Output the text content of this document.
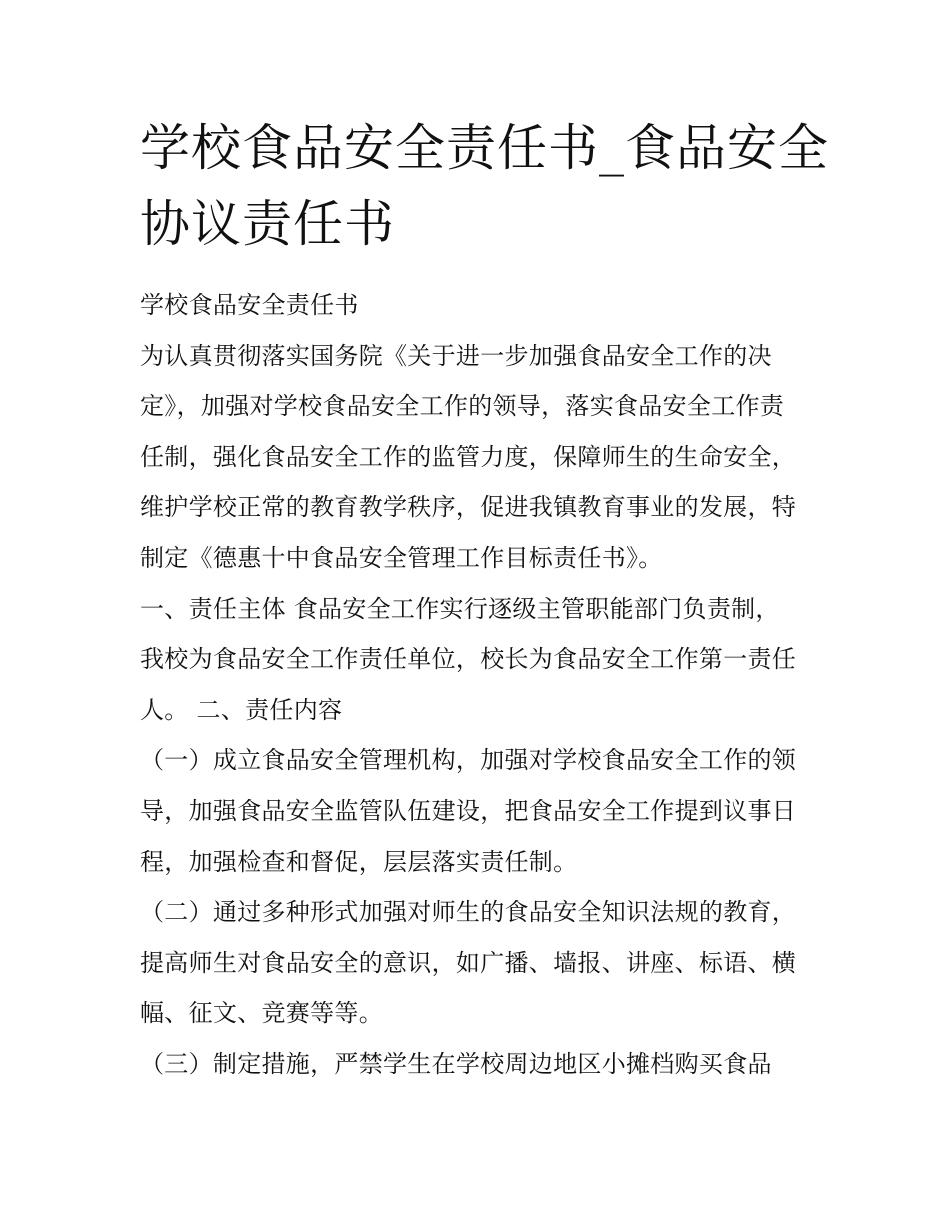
学校食品安全责任书_食品安全协议责任书
学校食品安全责任书
为认真贯彻落实国务院《关于进一步加强食品安全工作的决
定》，加强对学校食品安全工作的领导，落实食品安全工作责
任制，强化食品安全工作的监管力度，保障师生的生命安全，
维护学校正常的教育教学秩序，促进我镇教育事业的发展，特
制定《德惠十中食品安全管理工作目标责任书》。
一、责任主体 食品安全工作实行逐级主管职能部门负责制，
我校为食品安全工作责任单位，校长为食品安全工作第一责任
人。 二、责任内容
（一）成立食品安全管理机构，加强对学校食品安全工作的领
导，加强食品安全监管队伍建设，把食品安全工作提到议事日
程，加强检查和督促，层层落实责任制。
（二）通过多种形式加强对师生的食品安全知识法规的教育，
提高师生对食品安全的意识，如广播、墙报、讲座、标语、横
幅、征文、竞赛等等。
（三）制定措施，严禁学生在学校周边地区小摊档购买食品
